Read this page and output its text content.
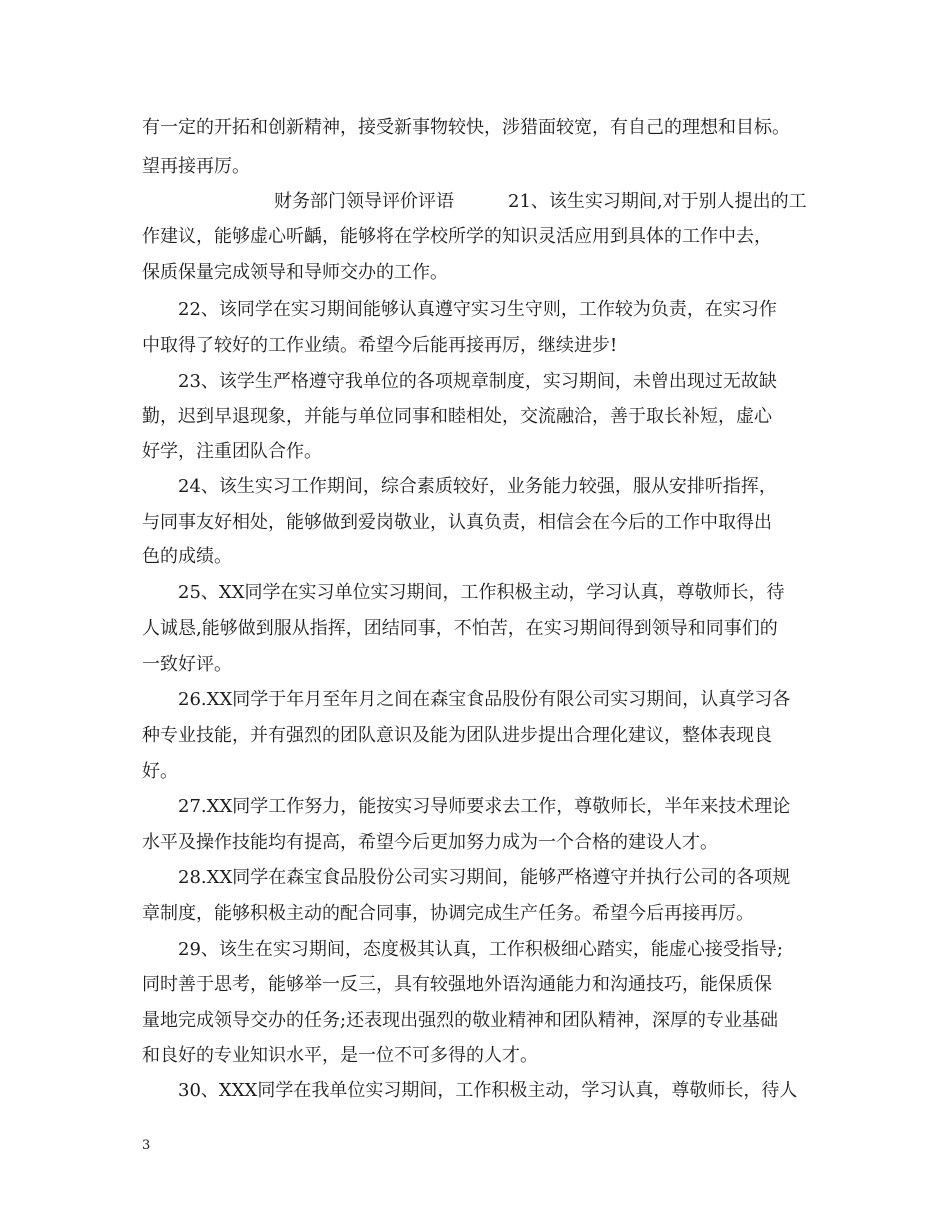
有一定的开拓和创新精神，接受新事物较快，涉猎面较宽，有自己的理想和目标。
望再接再厉。
财务部门领导评价评语　　　21、该生实习期间,对于别人提出的工
作建议，能够虚心听齲，能够将在学校所学的知识灵活应用到具体的工作中去，
保质保量完成领导和导师交办的工作。
22、该同学在实习期间能够认真遵守实习生守则，工作较为负责，在实习作
中取得了较好的工作业绩。希望今后能再接再厉，继续进步!
23、该学生严格遵守我单位的各项规章制度，实习期间，未曾出现过无故缺
勤，迟到早退现象，并能与单位同事和睦相处，交流融洽，善于取长补短，虚心
好学，注重团队合作。
24、该生实习工作期间，综合素质较好，业务能力较强，服从安排听指挥，
与同事友好相处，能够做到爱岗敬业，认真负责，相信会在今后的工作中取得出
色的成绩。
25、XX同学在实习单位实习期间，工作积极主动，学习认真，尊敬师长，待
人诚恳,能够做到服从指挥，团结同事，不怕苦，在实习期间得到领导和同事们的
一致好评。
26.XX同学于年月至年月之间在森宝食品股份有限公司实习期间，认真学习各
种专业技能，并有强烈的团队意识及能为团队进步提出合理化建议，整体表现良
好。
27.XX同学工作努力，能按实习导师要求去工作，尊敬师长，半年来技术理论
水平及操作技能均有提高，希望今后更加努力成为一个合格的建设人才。
28.XX同学在森宝食品股份公司实习期间，能够严格遵守并执行公司的各项规
章制度，能够积极主动的配合同事，协调完成生产任务。希望今后再接再厉。
29、该生在实习期间，态度极其认真，工作积极细心踏实，能虚心接受指导;
同时善于思考，能够举一反三，具有较强地外语沟通能力和沟通技巧，能保质保
量地完成领导交办的任务;还表现出强烈的敬业精神和团队精神，深厚的专业基础
和良好的专业知识水平，是一位不可多得的人才。
30、XXX同学在我单位实习期间，工作积极主动，学习认真，尊敬师长，待人
3
